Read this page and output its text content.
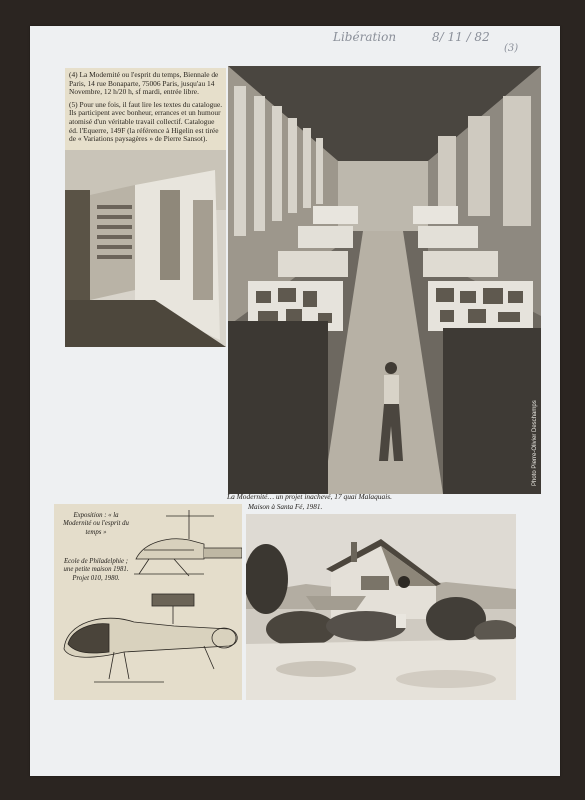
Libération	8/ 11 / 82
(3)

(4) La Modernité ou l'esprit du temps, Biennale de Paris, 14 rue Bonaparte, 75006 Paris, jusqu'au 14 Novembre, 12 h/20 h, sf mardi, entrée libre.

(5) Pour une fois, il faut lire les textes du catalogue. Ils participent avec bonheur, errances et un humour atomisé d'un véritable travail collectif. Catalogue éd. l'Equerre, 149F (la référence à Higelin est tirée de « Variations paysagères » de Pierre Sansot).

Photo Pierre-Olivier Deschamps
La Modernité… un projet inachevé, 17 quai Malaquais.
Exposition : « la Modernité ou l'esprit du temps »
Ecole de Philadelphie ; une petite maison 1981. Projet 010, 1980.
Maison à Santa Fé, 1981.
